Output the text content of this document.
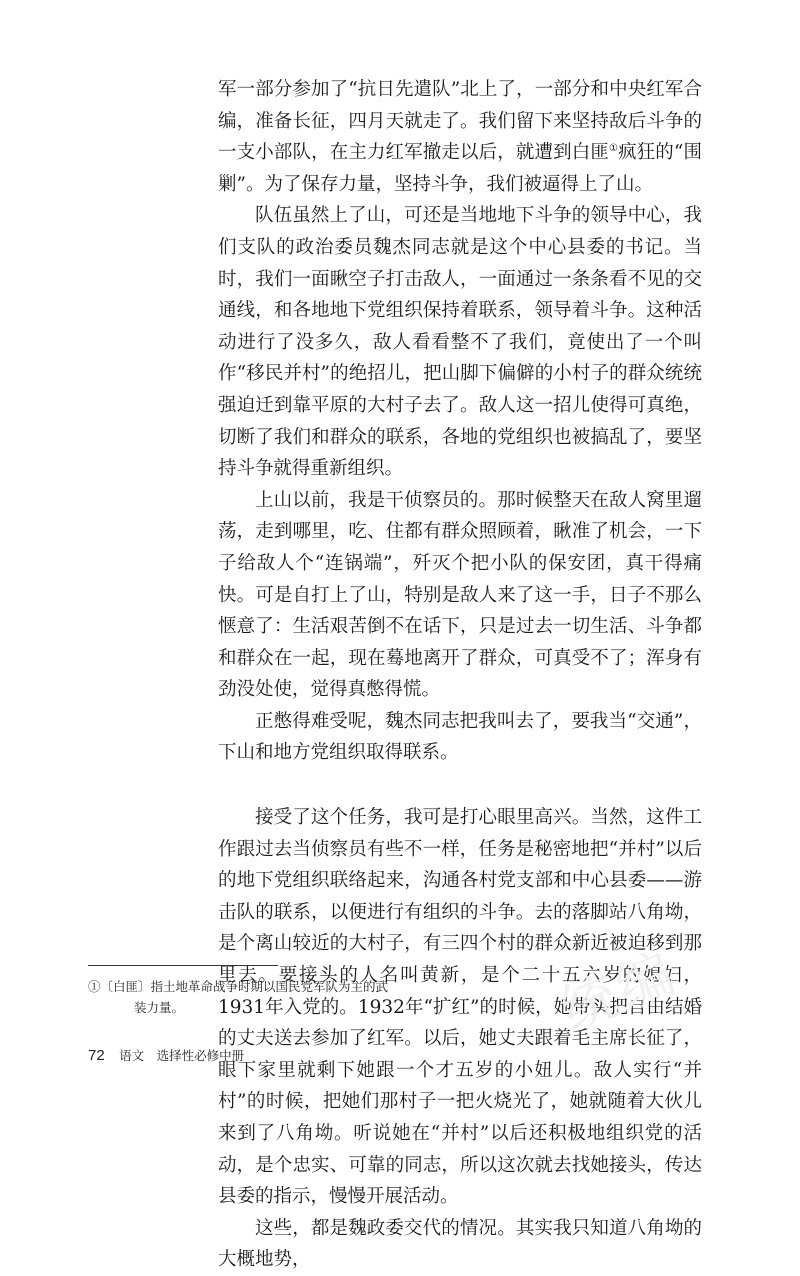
军一部分参加了“抗日先遣队”北上了，一部分和中央红军合编，准备长征，四月天就走了。我们留下来坚持敌后斗争的一支小部队，在主力红军撤走以后，就遭到白匪①疯狂的“围剿”。为了保存力量，坚持斗争，我们被逼得上了山。

队伍虽然上了山，可还是当地地下斗争的领导中心，我们支队的政治委员魏杰同志就是这个中心县委的书记。当时，我们一面瞅空子打击敌人，一面通过一条条看不见的交通线，和各地地下党组织保持着联系，领导着斗争。这种活动进行了没多久，敌人看看整不了我们，竟使出了一个叫作“移民并村”的绝招儿，把山脚下偏僻的小村子的群众统统强迫迁到靠平原的大村子去了。敌人这一招儿使得可真绝，切断了我们和群众的联系，各地的党组织也被搞乱了，要坚持斗争就得重新组织。

上山以前，我是干侦察员的。那时候整天在敌人窝里遛荡，走到哪里，吃、住都有群众照顾着，瞅准了机会，一下子给敌人个“连锅端”，歼灭个把小队的保安团，真干得痛快。可是自打上了山，特别是敌人来了这一手，日子不那么惬意了：生活艰苦倒不在话下，只是过去一切生活、斗争都和群众在一起，现在蓦地离开了群众，可真受不了；浑身有劲没处使，觉得真憋得慌。

正憋得难受呢，魏杰同志把我叫去了，要我当“交通”，下山和地方党组织取得联系。

接受了这个任务，我可是打心眼里高兴。当然，这件工作跟过去当侦察员有些不一样，任务是秘密地把“并村”以后的地下党组织联络起来，沟通各村党支部和中心县委——游击队的联系，以便进行有组织的斗争。去的落脚站八角坳，是个离山较近的大村子，有三四个村的群众新近被迫移到那里去。要接头的人名叫黄新，是个二十五六岁的媳妇，1931年入党的。1932年“扩红”的时候，她带头把自由结婚的丈夫送去参加了红军。以后，她丈夫跟着毛主席长征了，眼下家里就剩下她跟一个才五岁的小妞儿。敌人实行“并村”的时候，把她们那村子一把火烧光了，她就随着大伙儿来到了八角坳。听说她在“并村”以后还积极地组织党的活动，是个忠实、可靠的同志，所以这次就去找她接头，传达县委的指示，慢慢开展活动。

这些，都是魏政委交代的情况。其实我只知道八角坳的大概地势，

①〔白匪〕指土地革命战争时期以国民党军队为主的武
装力量。	统编
72 语文　选择性必修中册
